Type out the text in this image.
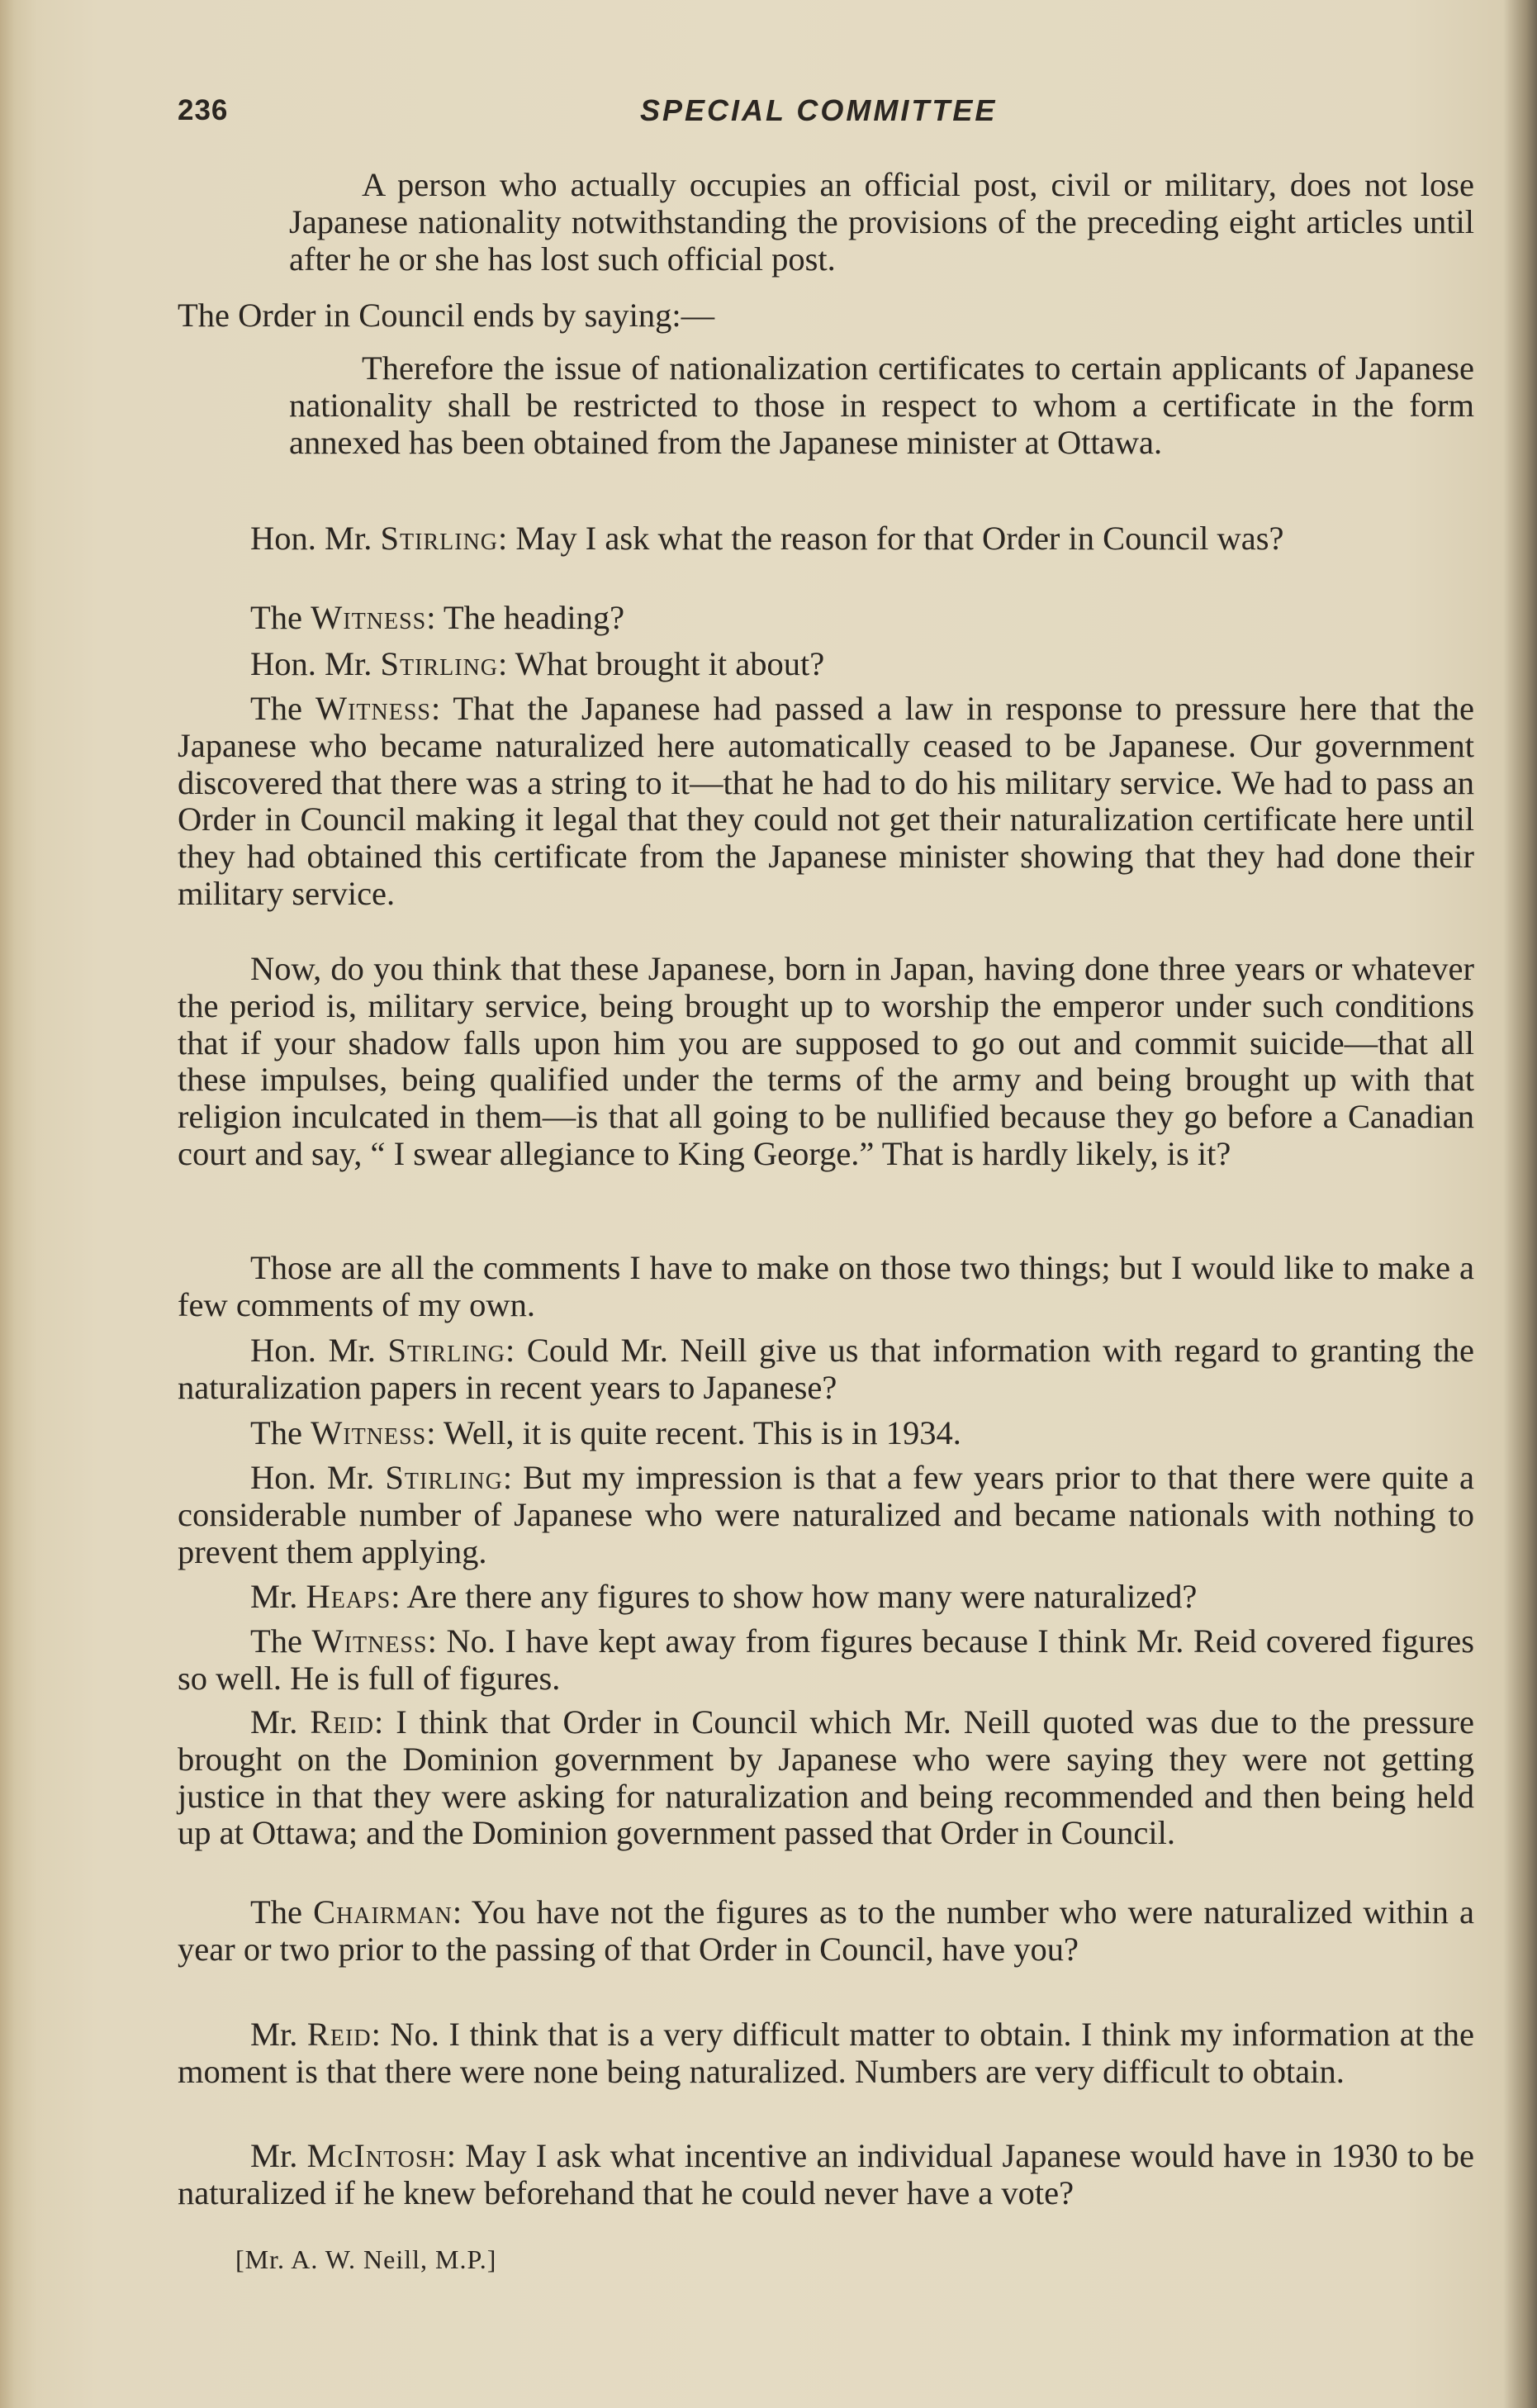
236	SPECIAL COMMITTEE
A person who actually occupies an official post, civil or military, does not lose Japanese nationality notwithstanding the provisions of the preceding eight articles until after he or she has lost such official post.
The Order in Council ends by saying:—
Therefore the issue of nationalization certificates to certain applicants of Japanese nationality shall be restricted to those in respect to whom a certificate in the form annexed has been obtained from the Japanese minister at Ottawa.
Hon. Mr. Stirling: May I ask what the reason for that Order in Council was?
The Witness: The heading?
Hon. Mr. Stirling: What brought it about?
The Witness: That the Japanese had passed a law in response to pressure here that the Japanese who became naturalized here automatically ceased to be Japanese. Our government discovered that there was a string to it—that he had to do his military service. We had to pass an Order in Council making it legal that they could not get their naturalization certificate here until they had obtained this certificate from the Japanese minister showing that they had done their military service.
Now, do you think that these Japanese, born in Japan, having done three years or whatever the period is, military service, being brought up to worship the emperor under such conditions that if your shadow falls upon him you are supposed to go out and commit suicide—that all these impulses, being qualified under the terms of the army and being brought up with that religion inculcated in them—is that all going to be nullified because they go before a Canadian court and say, “ I swear allegiance to King George.” That is hardly likely, is it?
Those are all the comments I have to make on those two things; but I would like to make a few comments of my own.
Hon. Mr. Stirling: Could Mr. Neill give us that information with regard to granting the naturalization papers in recent years to Japanese?
The Witness: Well, it is quite recent. This is in 1934.
Hon. Mr. Stirling: But my impression is that a few years prior to that there were quite a considerable number of Japanese who were naturalized and became nationals with nothing to prevent them applying.
Mr. Heaps: Are there any figures to show how many were naturalized?
The Witness: No. I have kept away from figures because I think Mr. Reid covered figures so well. He is full of figures.
Mr. Reid: I think that Order in Council which Mr. Neill quoted was due to the pressure brought on the Dominion government by Japanese who were saying they were not getting justice in that they were asking for naturalization and being recommended and then being held up at Ottawa; and the Dominion government passed that Order in Council.
The Chairman: You have not the figures as to the number who were naturalized within a year or two prior to the passing of that Order in Council, have you?
Mr. Reid: No. I think that is a very difficult matter to obtain. I think my information at the moment is that there were none being naturalized. Numbers are very difficult to obtain.
Mr. McIntosh: May I ask what incentive an individual Japanese would have in 1930 to be naturalized if he knew beforehand that he could never have a vote?
[Mr. A. W. Neill, M.P.]
